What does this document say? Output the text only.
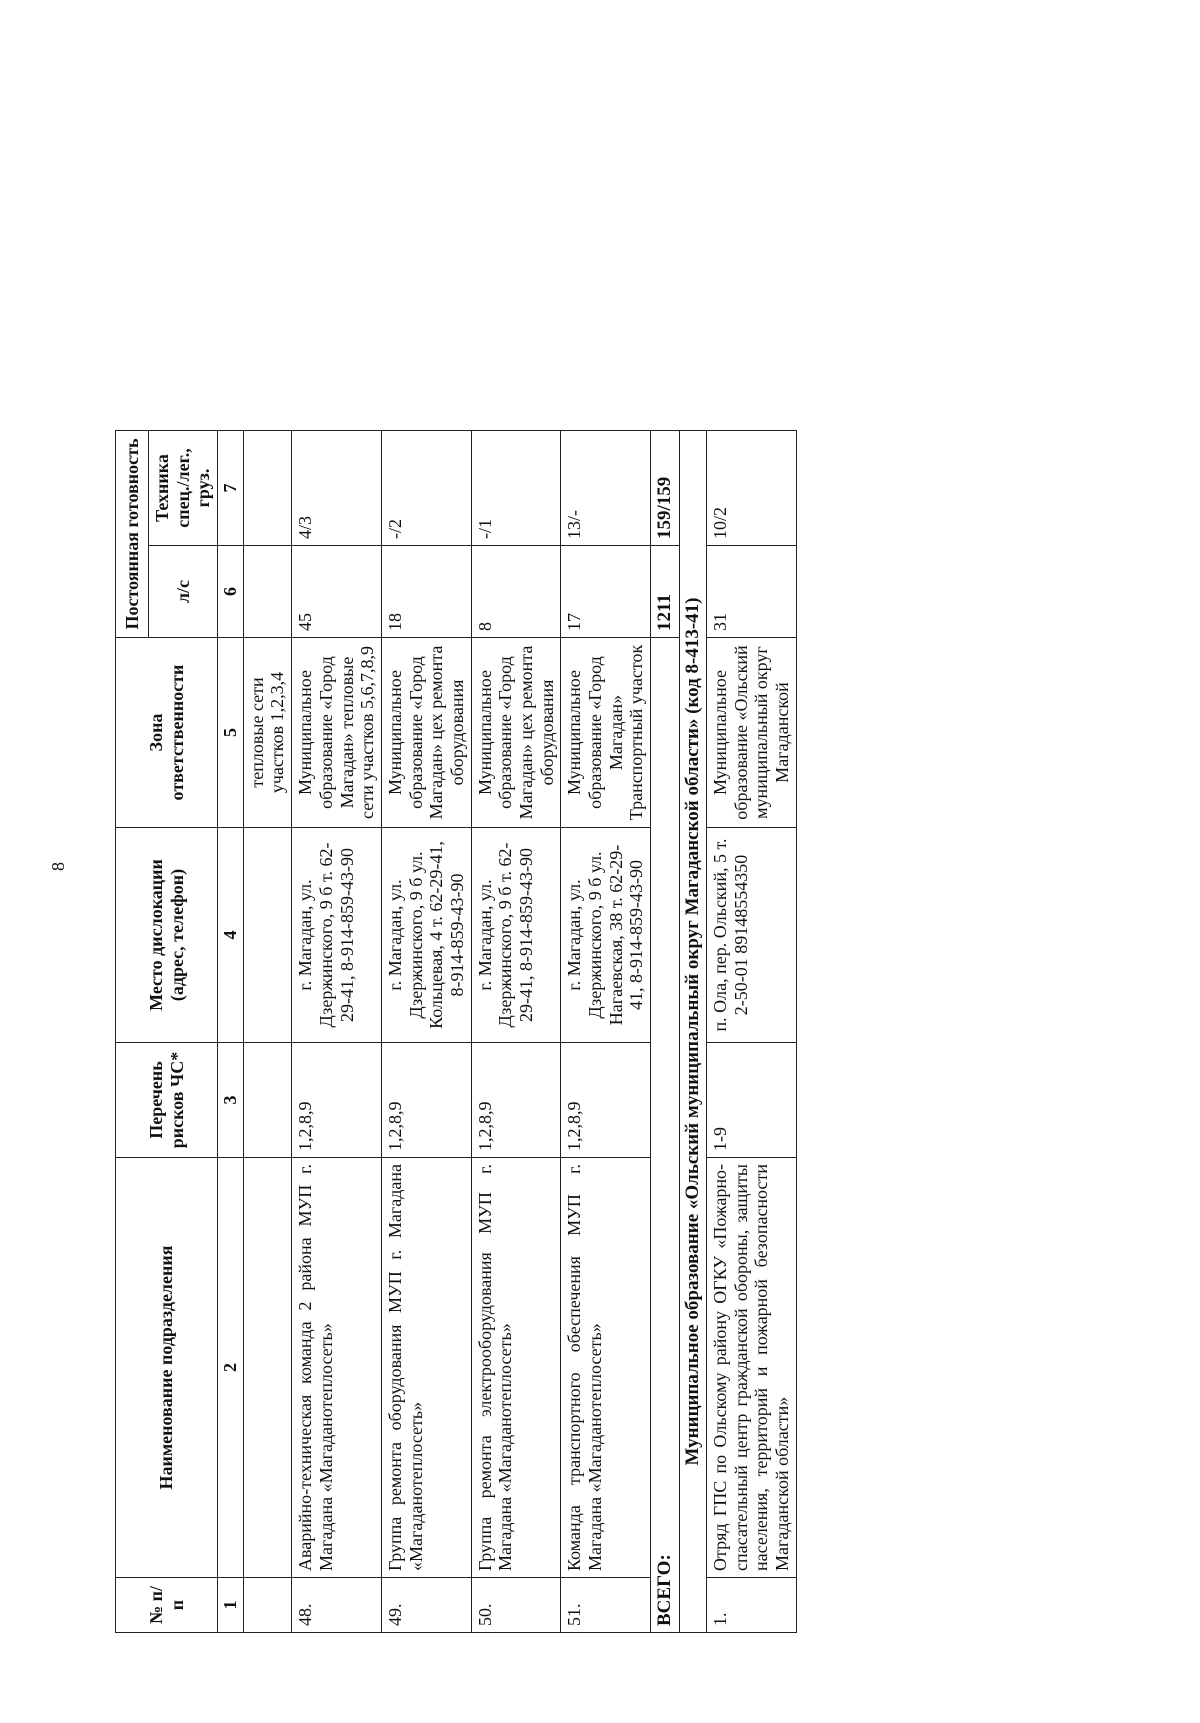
8
№ п/п	Наименование подразделения	Перечень рисков ЧС*	Место дислокации (адрес, телефон)	Зона ответственности	Постоянная готовность	
					л/с	Техника спец./лег., груз.
1	2	3	4	5	6	7
				тепловые сети участков 1,2,3,4		
48.	Аварийно-техническая команда 2 района МУП г. Магадана «Магаданотеплосеть»	1,2,8,9	г. Магадан, ул. Дзержинского, 9 б т. 62-29-41, 8-914-859-43-90	Муниципальное образование «Город Магадан» тепловые сети участков 5,6,7,8,9	45	4/3
49.	Группа ремонта оборудования МУП г. Магадана «Магаданотеплосеть»	1,2,8,9	г. Магадан, ул. Дзержинского, 9 б ул. Кольцевая, 4 т. 62-29-41, 8-914-859-43-90	Муниципальное образование «Город Магадан» цех ремонта оборудования	18	-/2
50.	Группа ремонта электрооборудования МУП г. Магадана «Магаданотеплосеть»	1,2,8,9	г. Магадан, ул. Дзержинского, 9 б т. 62-29-41, 8-914-859-43-90	Муниципальное образование «Город Магадан» цех ремонта оборудования	8	-/1
51.	Команда транспортного обеспечения МУП г. Магадана «Магаданотеплосеть»	1,2,8,9	г. Магадан, ул. Дзержинского, 9 б ул. Нагаевская, 38 т. 62-29-41, 8-914-859-43-90	Муниципальное образование «Город Магадан» Транспортный участок	17	13/-
ВСЕГО:					1211	159/159
Муниципальное образование «Ольский муниципальный округ Магаданской области» (код 8-413-41)						
1.	Отряд ГПС по Ольскому району ОГКУ «Пожарно-спасательный центр гражданской обороны, защиты населения, территорий и пожарной безопасности Магаданской области»	1-9	п. Ола, пер. Ольский, 5 т. 2-50-01 89148554350	Муниципальное образование «Ольский муниципальный округ Магаданской	31	10/2
